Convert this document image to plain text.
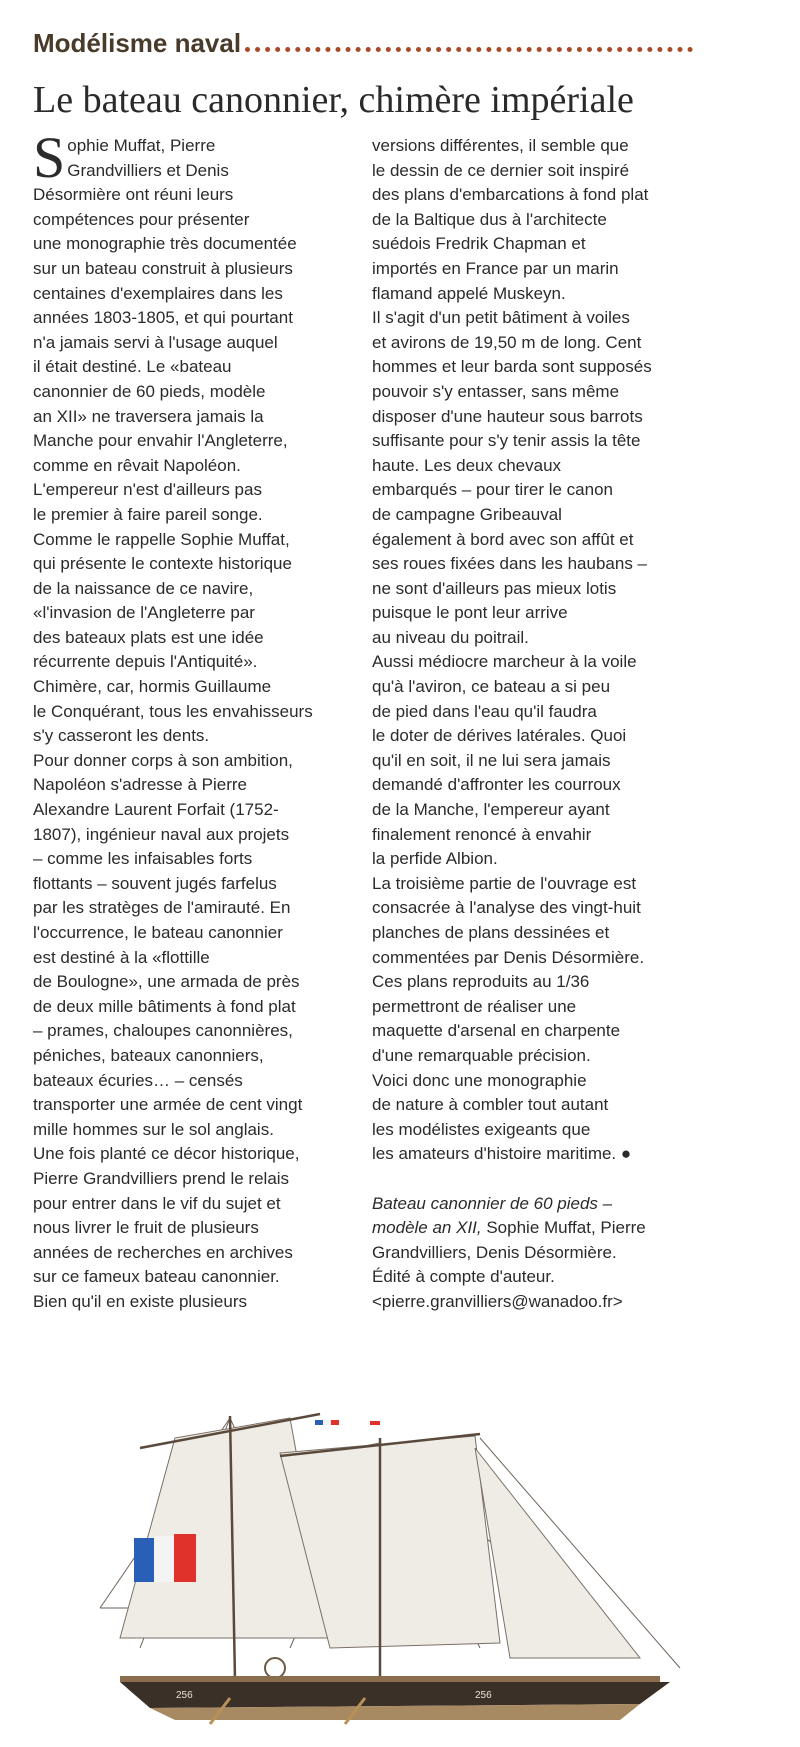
Modélisme naval
Le bateau canonnier, chimère impériale
S ophie Muffat, Pierre
Grandvilliers et Denis
Désormière ont réuni leurs
compétences pour présenter
une monographie très documentée
sur un bateau construit à plusieurs
centaines d'exemplaires dans les
années 1803-1805, et qui pourtant
n'a jamais servi à l'usage auquel
il était destiné. Le «bateau
canonnier de 60 pieds, modèle
an XII» ne traversera jamais la
Manche pour envahir l'Angleterre,
comme en rêvait Napoléon.
L'empereur n'est d'ailleurs pas
le premier à faire pareil songe.
Comme le rappelle Sophie Muffat,
qui présente le contexte historique
de la naissance de ce navire,
«l'invasion de l'Angleterre par
des bateaux plats est une idée
récurrente depuis l'Antiquité».
Chimère, car, hormis Guillaume
le Conquérant, tous les envahisseurs
s'y casseront les dents.
Pour donner corps à son ambition,
Napoléon s'adresse à Pierre
Alexandre Laurent Forfait (1752-
1807), ingénieur naval aux projets
– comme les infaisables forts
flottants – souvent jugés farfelus
par les stratèges de l'amirauté. En
l'occurrence, le bateau canonnier
est destiné à la «flottille
de Boulogne», une armada de près
de deux mille bâtiments à fond plat
– prames, chaloupes canonnières,
péniches, bateaux canonniers,
bateaux écuries… – censés
transporter une armée de cent vingt
mille hommes sur le sol anglais.
Une fois planté ce décor historique,
Pierre Grandvilliers prend le relais
pour entrer dans le vif du sujet et
nous livrer le fruit de plusieurs
années de recherches en archives
sur ce fameux bateau canonnier.
Bien qu'il en existe plusieurs
versions différentes, il semble que
le dessin de ce dernier soit inspiré
des plans d'embarcations à fond plat
de la Baltique dus à l'architecte
suédois Fredrik Chapman et
importés en France par un marin
flamand appelé Muskeyn.
Il s'agit d'un petit bâtiment à voiles
et avirons de 19,50 m de long. Cent
hommes et leur barda sont supposés
pouvoir s'y entasser, sans même
disposer d'une hauteur sous barrots
suffisante pour s'y tenir assis la tête
haute. Les deux chevaux
embarqués – pour tirer le canon
de campagne Gribeauval
également à bord avec son affût et
ses roues fixées dans les haubans –
ne sont d'ailleurs pas mieux lotis
puisque le pont leur arrive
au niveau du poitrail.
Aussi médiocre marcheur à la voile
qu'à l'aviron, ce bateau a si peu
de pied dans l'eau qu'il faudra
le doter de dérives latérales. Quoi
qu'il en soit, il ne lui sera jamais
demandé d'affronter les courroux
de la Manche, l'empereur ayant
finalement renoncé à envahir
la perfide Albion.
La troisième partie de l'ouvrage est
consacrée à l'analyse des vingt-huit
planches de plans dessinées et
commentées par Denis Désormière.
Ces plans reproduits au 1/36
permettront de réaliser une
maquette d'arsenal en charpente
d'une remarquable précision.
Voici donc une monographie
de nature à combler tout autant
les modélistes exigeants que
les amateurs d'histoire maritime. ●
Bateau canonnier de 60 pieds –
modèle an XII, Sophie Muffat, Pierre
Grandvilliers, Denis Désormière.
Édité à compte d'auteur.
<pierre.granvilliers@wanadoo.fr>
256	256
